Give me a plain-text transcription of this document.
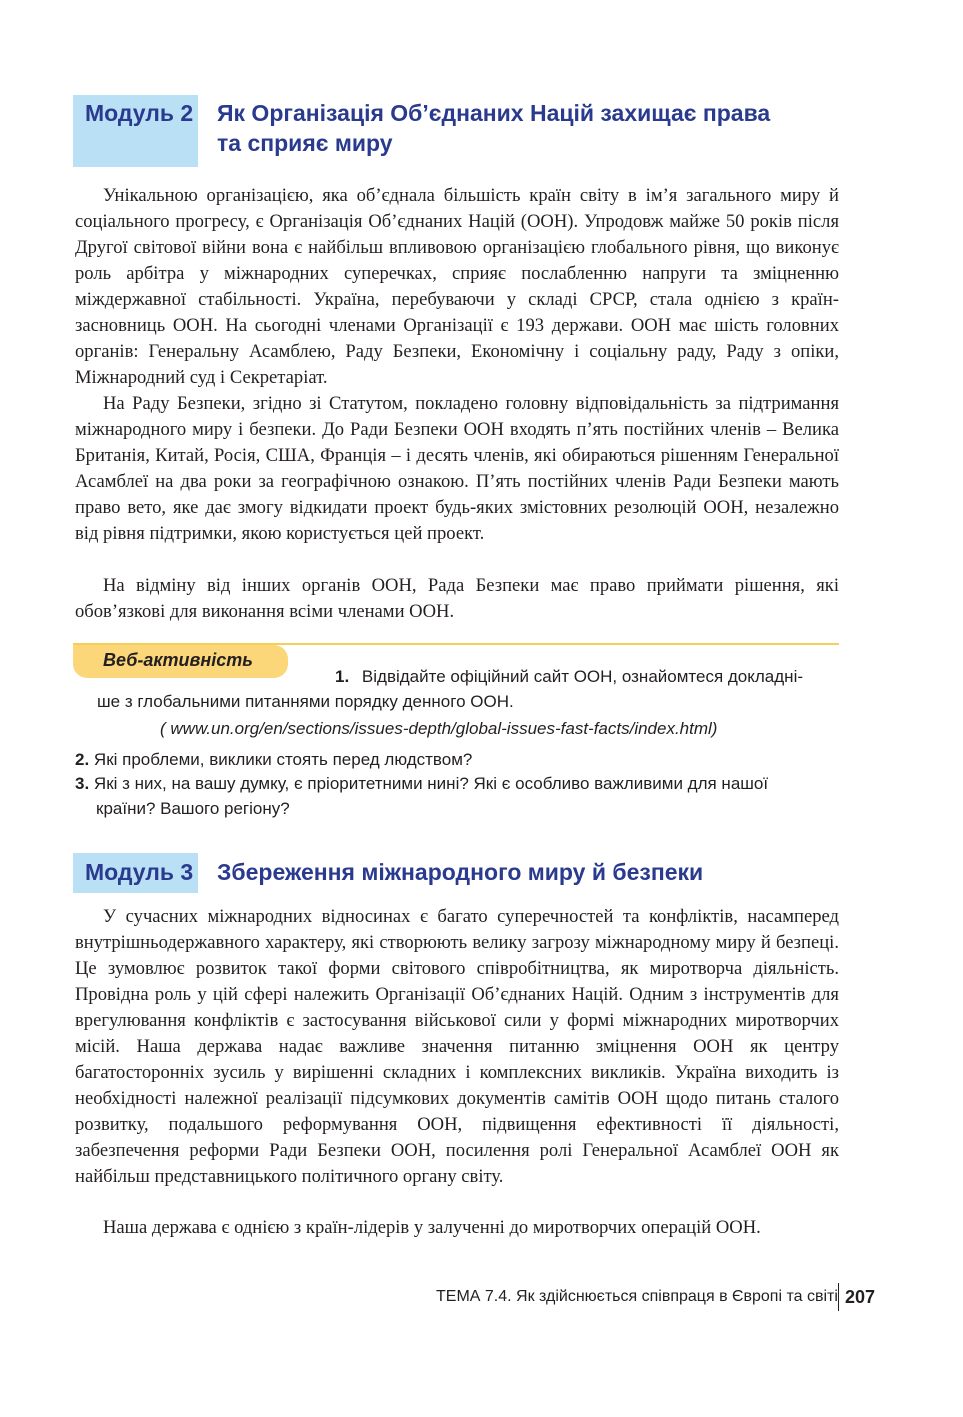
Модуль 2 Як Організація Об’єднаних Націй захищає права
та сприяє миру

Унікальною організацією, яка об’єднала більшість країн світу в ім’я загального миру й соціального прогресу, є Організація Об’єднаних Націй (ООН). Упродовж майже 50 років після Другої світової війни вона є найбільш впливовою організацією глобального рівня, що виконує роль арбітра у міжнародних суперечках, сприяє послабленню напруги та зміцненню міждержавної стабільності. Україна, перебуваючи у складі СРСР, стала однією з країн-засновниць ООН. На сьогодні членами Організації є 193 держави. ООН має шість головних органів: Генеральну Асамблею, Раду Безпеки, Економічну і соціальну раду, Раду з опіки, Міжнародний суд і Секретаріат.

На Раду Безпеки, згідно зі Статутом, покладено головну відповідальність за підтримання міжнародного миру і безпеки. До Ради Безпеки ООН входять п’ять постійних членів – Велика Британія, Китай, Росія, США, Франція – і десять членів, які обираються рішенням Генеральної Асамблеї на два роки за географічною ознакою. П’ять постійних членів Ради Безпеки мають право вето, яке дає змогу відкидати проект будь-яких змістовних резолюцій ООН, незалежно від рівня підтримки, якою користується цей проект.

На відміну від інших органів ООН, Рада Безпеки має право приймати рішення, які обов’язкові для виконання всіми членами ООН.

Веб-активність
1. Відвідайте офіційний сайт ООН, ознайомтеся докладні-
ше з глобальними питаннями порядку денного ООН.
( www.un.org/en/sections/issues-depth/global-issues-fast-facts/index.html)
2. Які проблеми, виклики стоять перед людством?
3. Які з них, на вашу думку, є пріоритетними нині? Які є особливо важливими для нашої
країни? Вашого регіону?
Модуль 3 Збереження міжнародного миру й безпеки

У сучасних міжнародних відносинах є багато суперечностей та конфліктів, насамперед внутрішньодержавного характеру, які створюють велику загрозу міжнародному миру й безпеці. Це зумовлює розвиток такої форми світового співробітництва, як миротворча діяльність. Провідна роль у цій сфері належить Організації Об’єднаних Націй. Одним з інструментів для врегулювання конфліктів є застосування військової сили у формі міжнародних миротворчих місій. Наша держава надає важливе значення питанню зміцнення ООН як центру багатосторонніх зусиль у вирішенні складних і комплексних викликів. Україна виходить із необхідності належної реалізації підсумкових документів самітів ООН щодо питань сталого розвитку, подальшого реформування ООН, підвищення ефективності її діяльності, забезпечення реформи Ради Безпеки ООН, посилення ролі Генеральної Асамблеї ООН як найбільш представницького політичного органу світу.

Наша держава є однією з країн-лідерів у залученні до миротворчих операцій ООН.

ТЕМА 7.4. Як здійснюється співпраця в Європі та світі 207
